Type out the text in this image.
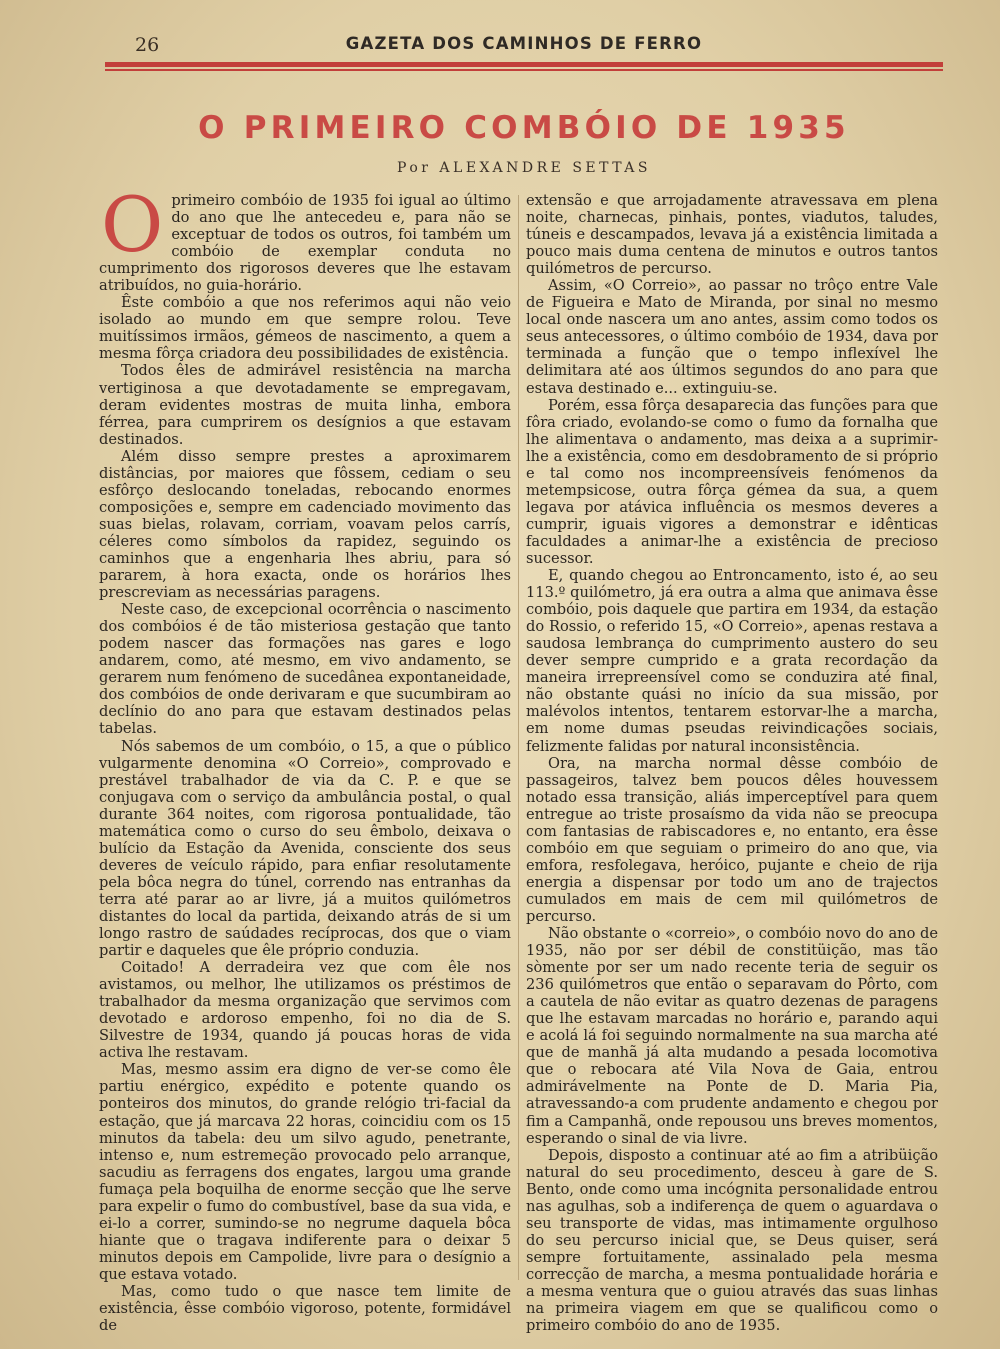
26	GAZETA DOS CAMINHOS DE FERRO
O PRIMEIRO COMBÓIO DE 1935
Por ALEXANDRE SETTAS

Oprimeiro combóio de 1935 foi igual ao último do ano que lhe antecedeu e, para não se exceptuar de todos os outros, foi também um combóio de exemplar conduta no cumprimento dos rigorosos deveres que lhe estavam atribuídos, no guia-horário.

Êste combóio a que nos referimos aqui não veio isolado ao mundo em que sempre rolou. Teve muitíssimos irmãos, gémeos de nascimento, a quem a mesma fôrça criadora deu possibilidades de existência.

Todos êles de admirável resistência na marcha vertiginosa a que devotadamente se empregavam, deram evidentes mostras de muita linha, embora férrea, para cumprirem os desígnios a que estavam destinados.

Além disso sempre prestes a aproximarem distâncias, por maiores que fôssem, cediam o seu esfôrço deslocando toneladas, rebocando enormes composições e, sempre em cadenciado movimento das suas bielas, rolavam, corriam, voavam pelos carrís, céleres como símbolos da rapidez, seguindo os caminhos que a engenharia lhes abriu, para só pararem, à hora exacta, onde os horários lhes prescreviam as necessárias paragens.

Neste caso, de excepcional ocorrência o nascimento dos combóios é de tão misteriosa gestação que tanto podem nascer das formações nas gares e logo andarem, como, até mesmo, em vivo andamento, se gerarem num fenómeno de sucedânea expontaneidade, dos combóios de onde derivaram e que sucumbiram ao declínio do ano para que estavam destinados pelas tabelas.

Nós sabemos de um combóio, o 15, a que o público vulgarmente denomina «O Correio», comprovado e prestável trabalhador de via da C. P. e que se conjugava com o serviço da ambulância postal, o qual durante 364 noites, com rigorosa pontualidade, tão matemática como o curso do seu êmbolo, deixava o bulício da Estação da Avenida, consciente dos seus deveres de veículo rápido, para enfiar resolutamente pela bôca negra do túnel, correndo nas entranhas da terra até parar ao ar livre, já a muitos quilómetros distantes do local da partida, deixando atrás de si um longo rastro de saúdades recíprocas, dos que o viam partir e daqueles que êle próprio conduzia.

Coitado! A derradeira vez que com êle nos avistamos, ou melhor, lhe utilizamos os préstimos de trabalhador da mesma organização que servimos com devotado e ardoroso empenho, foi no dia de S. Silvestre de 1934, quando já poucas horas de vida activa lhe restavam.

Mas, mesmo assim era digno de ver-se como êle partiu enérgico, expédito e potente quando os ponteiros dos minutos, do grande relógio tri-facial da estação, que já marcava 22 horas, coincidiu com os 15 minutos da tabela: deu um silvo agudo, penetrante, intenso e, num estremeção provocado pelo arranque, sacudiu as ferragens dos engates, largou uma grande fumaça pela boquilha de enorme secção que lhe serve para expelir o fumo do combustível, base da sua vida, e ei-lo a correr, sumindo-se no negrume daquela bôca hiante que o tragava indiferente para o deixar 5 minutos depois em Campolide, livre para o desígnio a que estava votado.

Mas, como tudo o que nasce tem limite de existência, êsse combóio vigoroso, potente, formidável de

extensão e que arrojadamente atravessava em plena noite, charnecas, pinhais, pontes, viadutos, taludes, túneis e descampados, levava já a existência limitada a pouco mais duma centena de minutos e outros tantos quilómetros de percurso.

Assim, «O Correio», ao passar no trôço entre Vale de Figueira e Mato de Miranda, por sinal no mesmo local onde nascera um ano antes, assim como todos os seus antecessores, o último combóio de 1934, dava por terminada a função que o tempo inflexível lhe delimitara até aos últimos segundos do ano para que estava destinado e... extinguiu-se.

Porém, essa fôrça desaparecia das funções para que fôra criado, evolando-se como o fumo da fornalha que lhe alimentava o andamento, mas deixa a a suprimir-lhe a existência, como em desdobramento de si próprio e tal como nos incompreensíveis fenómenos da metempsicose, outra fôrça gémea da sua, a quem legava por atávica influência os mesmos deveres a cumprir, iguais vigores a demonstrar e idênticas faculdades a animar-lhe a existência de precioso sucessor.

E, quando chegou ao Entroncamento, isto é, ao seu 113.º quilómetro, já era outra a alma que animava êsse combóio, pois daquele que partira em 1934, da estação do Rossio, o referido 15, «O Correio», apenas restava a saudosa lembrança do cumprimento austero do seu dever sempre cumprido e a grata recordação da maneira irrepreensível como se conduzira até final, não obstante quási no início da sua missão, por malévolos intentos, tentarem estorvar-lhe a marcha, em nome dumas pseudas reivindicações sociais, felizmente falidas por natural inconsistência.

Ora, na marcha normal dêsse combóio de passageiros, talvez bem poucos dêles houvessem notado essa transição, aliás imperceptível para quem entregue ao triste prosaísmo da vida não se preocupa com fantasias de rabiscadores e, no entanto, era êsse combóio em que seguiam o primeiro do ano que, via emfora, resfolegava, heróico, pujante e cheio de rija energia a dispensar por todo um ano de trajectos cumulados em mais de cem mil quilómetros de percurso.

Não obstante o «correio», o combóio novo do ano de 1935, não por ser débil de constitüição, mas tão sòmente por ser um nado recente teria de seguir os 236 quilómetros que então o separavam do Pôrto, com a cautela de não evitar as quatro dezenas de paragens que lhe estavam marcadas no horário e, parando aqui e acolá lá foi seguindo normalmente na sua marcha até que de manhã já alta mudando a pesada locomotiva que o rebocara até Vila Nova de Gaia, entrou admirávelmente na Ponte de D. Maria Pia, atravessando-a com prudente andamento e chegou por fim a Campanhã, onde repousou uns breves momentos, esperando o sinal de via livre.

Depois, disposto a continuar até ao fim a atribüição natural do seu procedimento, desceu à gare de S. Bento, onde como uma incógnita personalidade entrou nas agulhas, sob a indiferença de quem o aguardava o seu transporte de vidas, mas intimamente orgulhoso do seu percurso inicial que, se Deus quiser, será sempre fortuitamente, assinalado pela mesma correcção de marcha, a mesma pontualidade horária e a mesma ventura que o guiou através das suas linhas na primeira viagem em que se qualificou como o primeiro combóio do ano de 1935.
